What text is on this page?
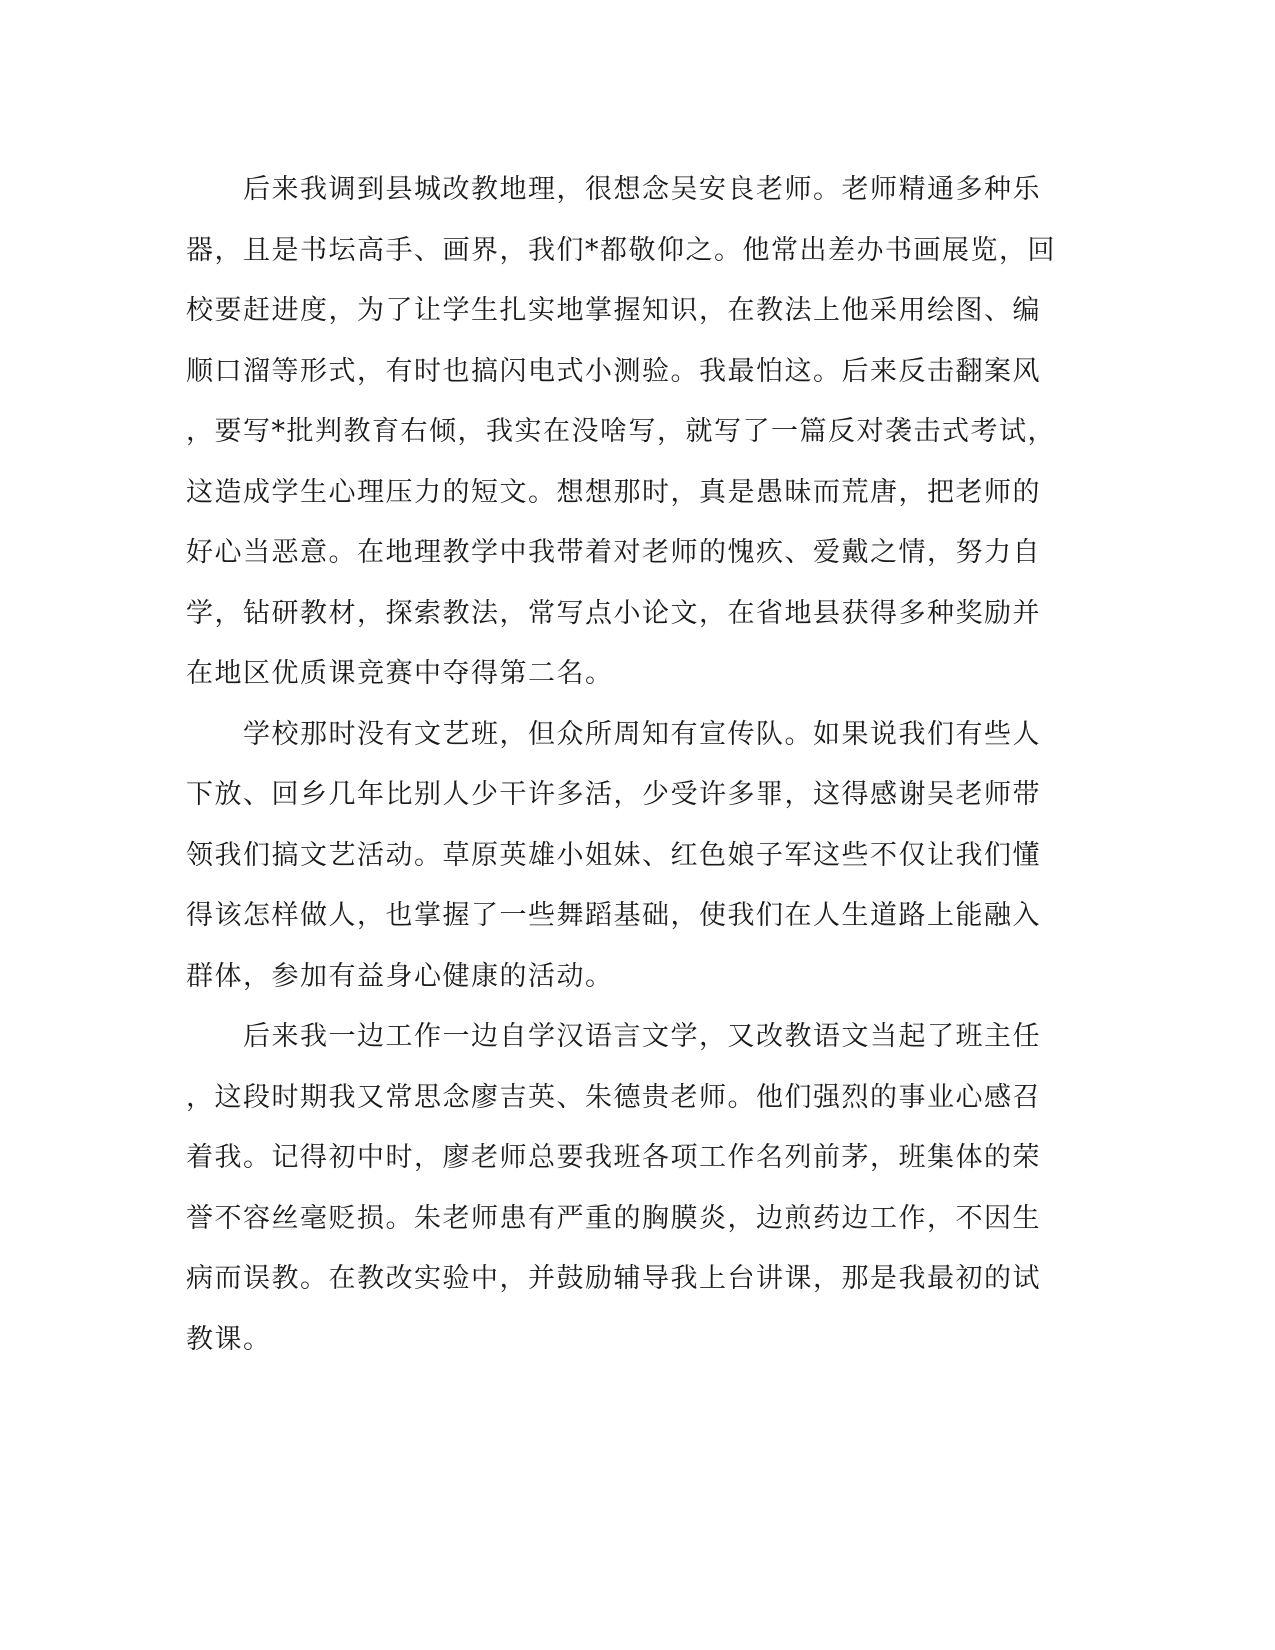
　　后来我调到县城改教地理，很想念吴安良老师。老师精通多种乐
器，且是书坛高手、画界，我们*都敬仰之。他常出差办书画展览，回
校要赶进度，为了让学生扎实地掌握知识，在教法上他采用绘图、编
顺口溜等形式，有时也搞闪电式小测验。我最怕这。后来反击翻案风
，要写*批判教育右倾，我实在没啥写，就写了一篇反对袭击式考试，
这造成学生心理压力的短文。想想那时，真是愚昧而荒唐，把老师的
好心当恶意。在地理教学中我带着对老师的愧疚、爱戴之情，努力自
学，钻研教材，探索教法，常写点小论文，在省地县获得多种奖励并
在地区优质课竞赛中夺得第二名。
　　学校那时没有文艺班，但众所周知有宣传队。如果说我们有些人
下放、回乡几年比别人少干许多活，少受许多罪，这得感谢吴老师带
领我们搞文艺活动。草原英雄小姐妹、红色娘子军这些不仅让我们懂
得该怎样做人，也掌握了一些舞蹈基础，使我们在人生道路上能融入
群体，参加有益身心健康的活动。
　　后来我一边工作一边自学汉语言文学，又改教语文当起了班主任
，这段时期我又常思念廖吉英、朱德贵老师。他们强烈的事业心感召
着我。记得初中时，廖老师总要我班各项工作名列前茅，班集体的荣
誉不容丝毫贬损。朱老师患有严重的胸膜炎，边煎药边工作，不因生
病而误教。在教改实验中，并鼓励辅导我上台讲课，那是我最初的试
教课。
